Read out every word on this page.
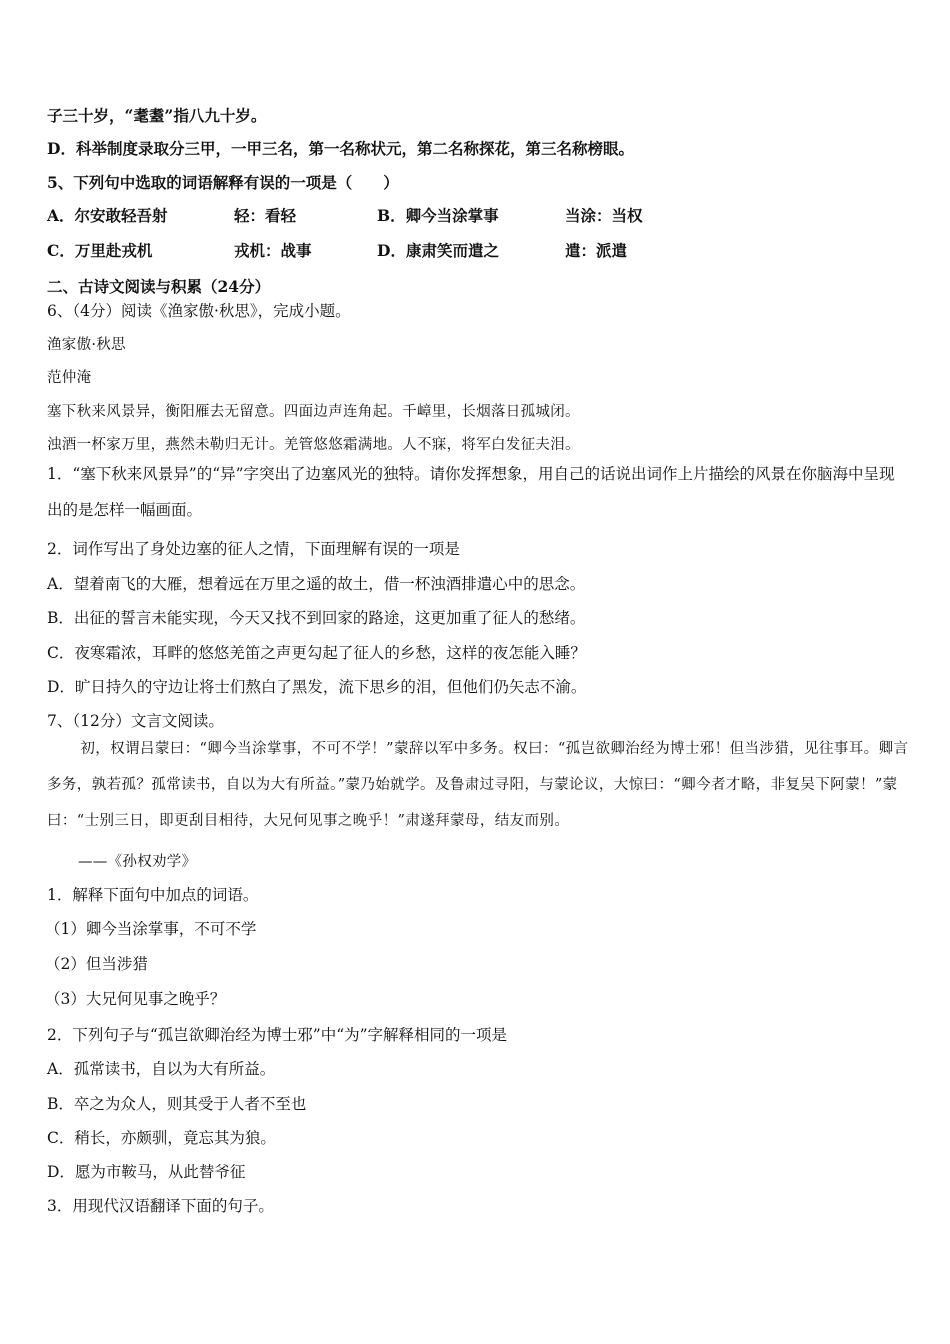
子三十岁，“耄耋”指八九十岁。
D．科举制度录取分三甲，一甲三名，第一名称状元，第二名称探花，第三名称榜眼。
5、下列句中选取的词语解释有误的一项是（　　）
A．尔安敢轻吾射	轻：看轻	B．卿今当涂掌事	当涂：当权
C．万里赴戎机	戎机：战事	D．康肃笑而遣之	遣：派遣
二、古诗文阅读与积累（24分）
6、（4分）阅读《渔家傲·秋思》，完成小题。
渔家傲·秋思
范仲淹
塞下秋来风景异，衡阳雁去无留意。四面边声连角起。千嶂里，长烟落日孤城闭。
浊酒一杯家万里，燕然未勒归无计。羌管悠悠霜满地。人不寐，将军白发征夫泪。
1．“塞下秋来风景异”的“异”字突出了边塞风光的独特。请你发挥想象，用自己的话说出词作上片描绘的风景在你脑海中呈现出的是怎样一幅画面。
2．词作写出了身处边塞的征人之情，下面理解有误的一项是
A．望着南飞的大雁，想着远在万里之遥的故土，借一杯浊酒排遣心中的思念。
B．出征的誓言未能实现，今天又找不到回家的路途，这更加重了征人的愁绪。
C．夜寒霜浓，耳畔的悠悠羌笛之声更勾起了征人的乡愁，这样的夜怎能入睡？
D．旷日持久的守边让将士们熬白了黑发，流下思乡的泪，但他们仍矢志不渝。
7、（12分）文言文阅读。
初，权谓吕蒙曰：“卿今当涂掌事，不可不学！”蒙辞以军中多务。权曰：“孤岂欲卿治经为博士邪！但当涉猎，见往事耳。卿言多务，孰若孤？孤常读书，自以为大有所益。”蒙乃始就学。及鲁肃过寻阳，与蒙论议，大惊曰：“卿今者才略，非复吴下阿蒙！”蒙曰：“士别三日，即更刮目相待，大兄何见事之晚乎！”肃遂拜蒙母，结友而别。
——《孙权劝学》
1．解释下面句中加点的词语。
（1）卿今当涂掌事，不可不学
（2）但当涉猎
（3）大兄何见事之晚乎？
2．下列句子与“孤岂欲卿治经为博士邪”中“为”字解释相同的一项是
A．孤常读书，自以为大有所益。
B．卒之为众人，则其受于人者不至也
C．稍长，亦颇驯，竟忘其为狼。
D．愿为市鞍马，从此替爷征
3．用现代汉语翻译下面的句子。
